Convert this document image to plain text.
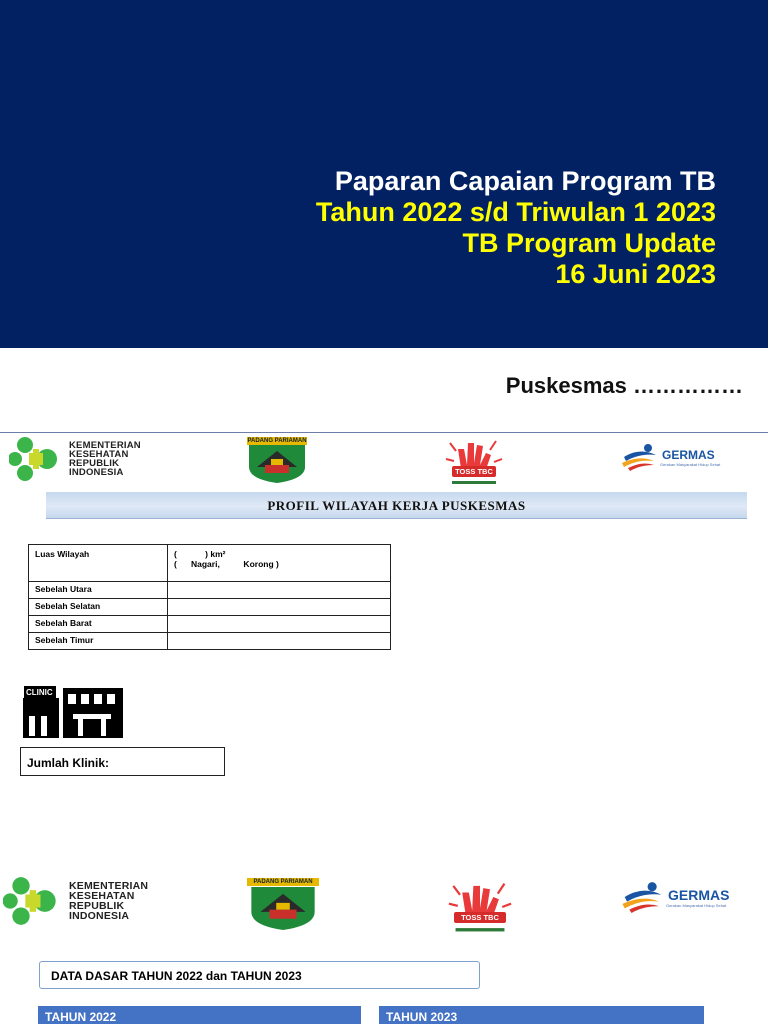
Paparan Capaian Program TB
Tahun 2022 s/d Triwulan 1 2023
TB Program Update
16 Juni 2023
Puskesmas ……………
KEMENTERIAN
KESEHATAN
REPUBLIK
INDONESIA
PADANG PARIAMAN
TOSS TBC
GERMAS
Gerakan Masyarakat Hidup Sehat
PROFIL WILAYAH KERJA PUSKESMAS
Luas Wilayah	(            ) km²
(      Nagari,          Korong )

Sebelah Utara	
Sebelah Selatan	
Sebelah Barat	
Sebelah Timur	
CLINIC
Jumlah Klinik:
KEMENTERIAN
KESEHATAN
REPUBLIK
INDONESIA
PADANG PARIAMAN
TOSS TBC
GERMAS
Gerakan Masyarakat Hidup Sehat
DATA DASAR TAHUN 2022 dan TAHUN 2023
TAHUN 2022	TAHUN 2023
